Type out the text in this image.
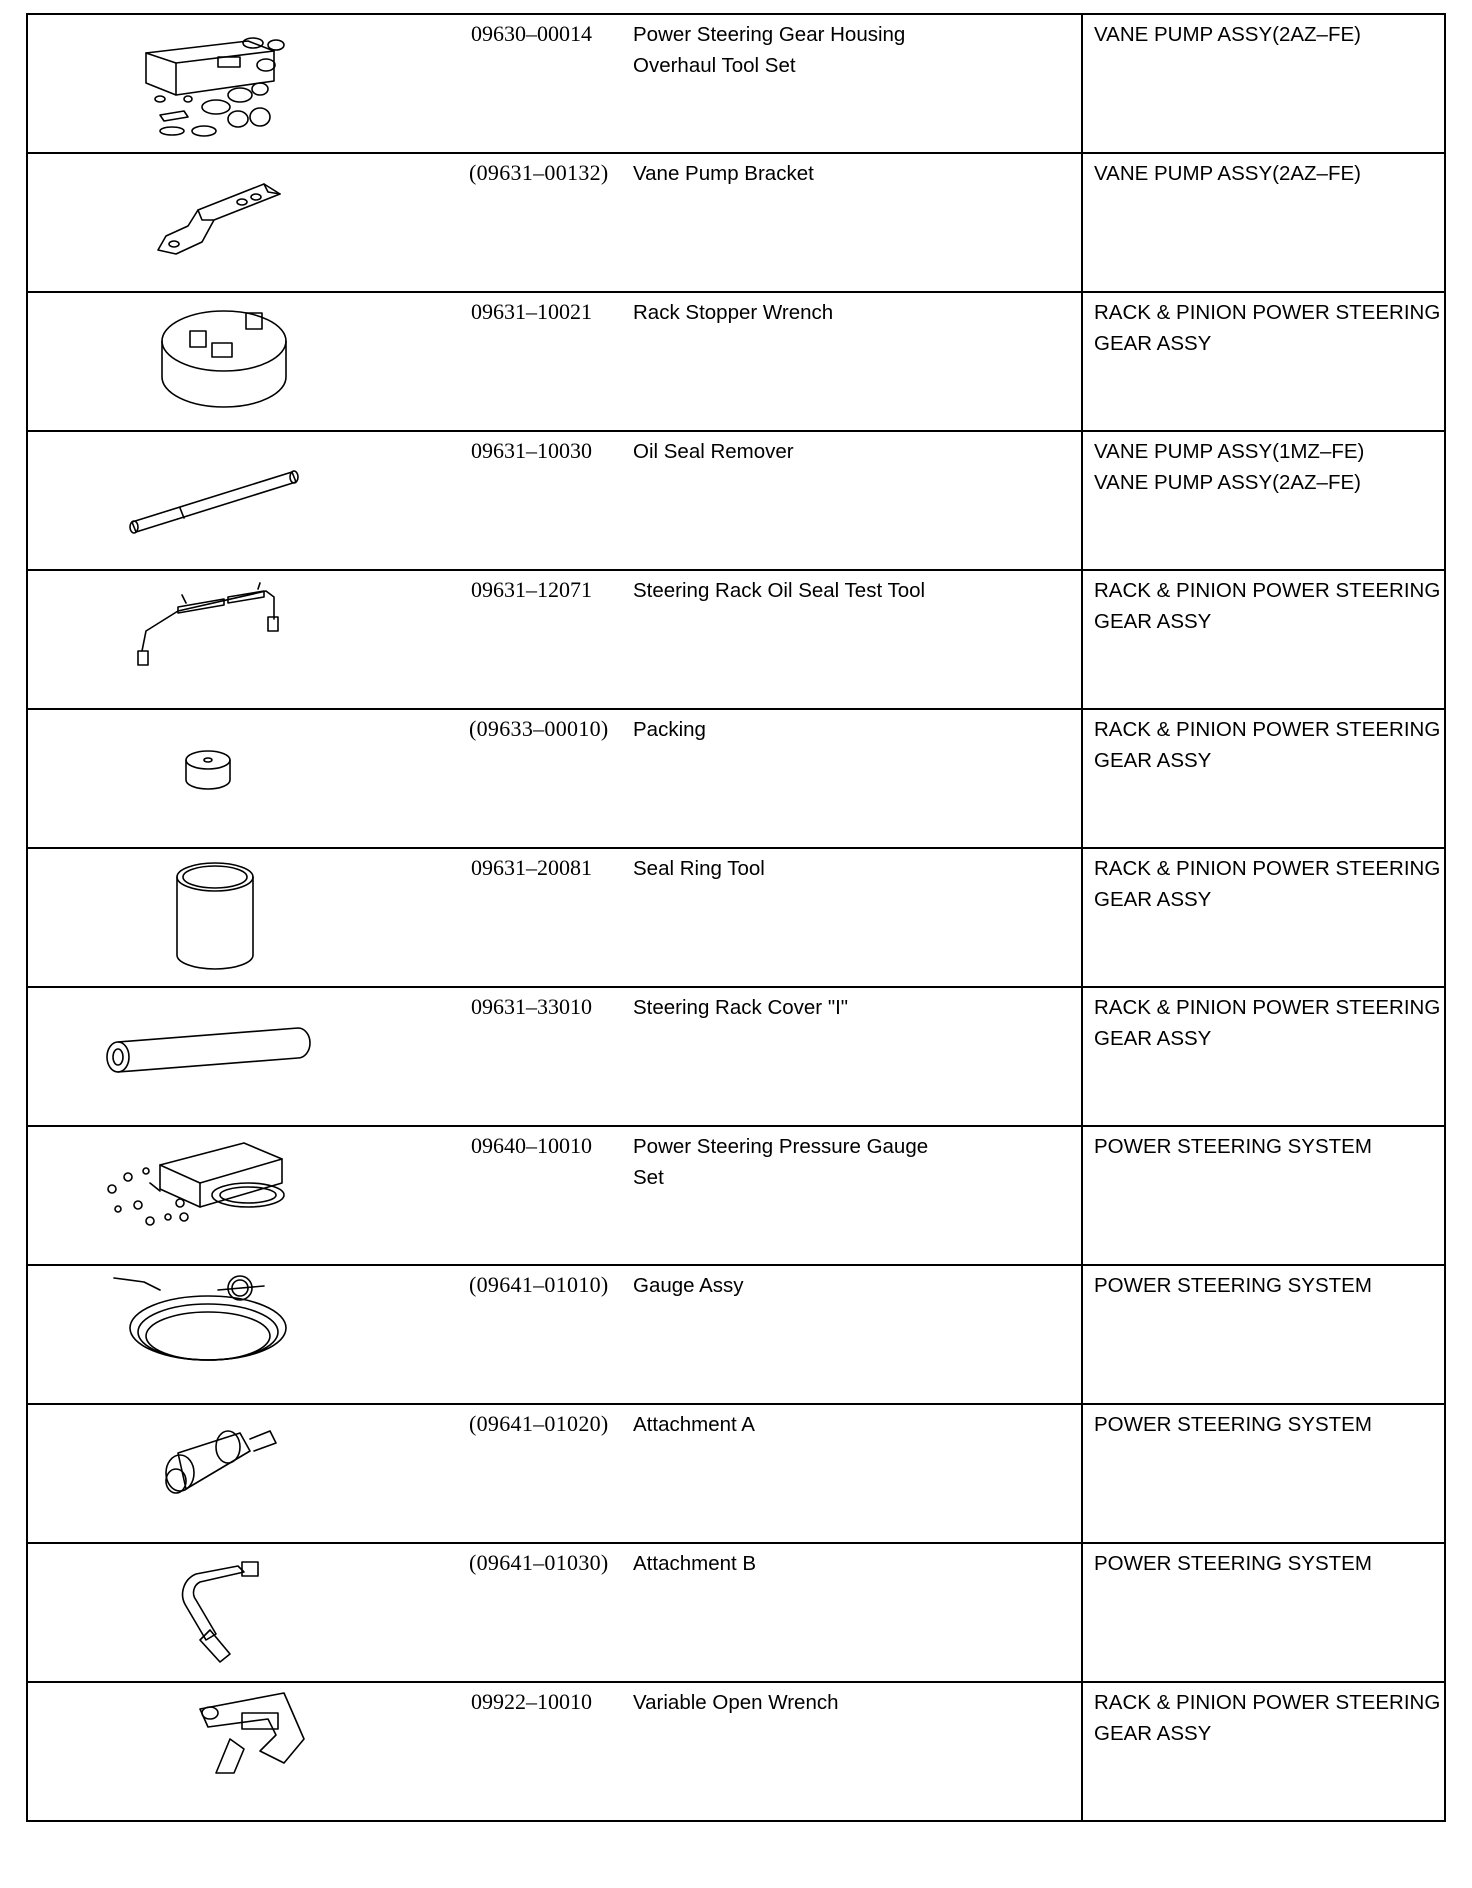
09630–00014	Power Steering Gear Housing Overhaul Tool Set	VANE PUMP ASSY(2AZ–FE)

(09631–00132)	Vane Pump Bracket	VANE PUMP ASSY(2AZ–FE)

09631–10021	Rack Stopper Wrench	RACK & PINION POWER STEERING GEAR ASSY

09631–10030	Oil Seal Remover	VANE PUMP ASSY(1MZ–FE)
VANE PUMP ASSY(2AZ–FE)

09631–12071	Steering Rack Oil Seal Test Tool	RACK & PINION POWER STEERING GEAR ASSY

(09633–00010)	Packing	RACK & PINION POWER STEERING GEAR ASSY

09631–20081	Seal Ring Tool	RACK & PINION POWER STEERING GEAR ASSY

09631–33010	Steering Rack Cover "I"	RACK & PINION POWER STEERING GEAR ASSY

09640–10010	Power Steering Pressure Gauge Set	POWER STEERING SYSTEM

(09641–01010)	Gauge Assy	POWER STEERING SYSTEM

(09641–01020)	Attachment A	POWER STEERING SYSTEM

(09641–01030)	Attachment B	POWER STEERING SYSTEM

09922–10010	Variable Open Wrench	RACK & PINION POWER STEERING GEAR ASSY
